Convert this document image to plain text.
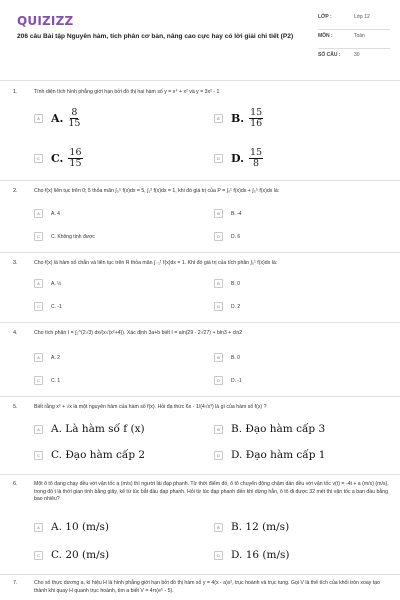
QUIZIZZ
206 câu Bài tập Nguyên hàm, tích phân cơ bản, nâng cao cực hay có lời giải chi tiết (P2)
LỚP :	Lớp 12
MÔN :	Toán
SỐ CÂU :	30
1.	Tính diện tích hình phẳng giới hạn bởi đồ thị hai hàm số y = x⁴ + x² và y = 3x² - 1
A A. $\frac{8}{15}$	B B. $\frac{15}{16}$
C C. $\frac{16}{15}$	D D. $\frac{15}{8}$
2.	Cho f(x) liên tục trên 0; 5 thỏa mãn ∫₀⁵ f(x)dx = 5, ∫₁³ f(x)dx = 1, khi đó giá trị của P = ∫₀¹ f(x)dx + ∫₃⁵ f(x)dx là:
A	A. 4	B	B. -4
C	C. Không tính được	D	D. 6
3.	Cho f(x) là hàm số chẵn và liên tục trên R thỏa mãn ∫₋₁¹ f(x)dx = 1. Khi đó giá trị của tích phân ∫₀¹ f(x)dx là:
A	A. ½	B	B. 0
C	C. -1	D	D. 2
4.	Cho tích phân I = ∫₂^(2√3) dx/(x√(x²+4)). Xác định 3a+b biết I = aln(29 - 2√27) + bln3 + cln2
A	A. 2	B	B. 0
C	C. 1	D	D. -1
5.	Biết rằng x³ + √x là một nguyên hàm của hàm số f(x). Hỏi đạ thức 6x - 1/(4√x³) là gì của hàm số f(x) ?
A	A. Là hàm số f (x)	B	B. Đạo hàm cấp 3
C C. Đạo hàm cấp 2	D D. Đạo hàm cấp 1
6.	Một ô tô đang chạy đều với vận tốc a (m/s) thì người lái đạp phanh. Từ thời điểm đó, ô tô chuyển động chậm dần đều với vận tốc v(t) = -4t + a (m/s) (m/s), trong đó t là thời gian tính bằng giây, kể từ lúc bắt đầu đạp phanh. Hỏi từ lúc đạp phanh đến khi dừng hẳn, ô tô đi được 32 mét thì vận tốc a ban đầu bằng bao nhiêu?
A	A. 10 (m/s)	B	B. 12 (m/s)
C C. 20 (m/s)	D D. 16 (m/s)
7.	Cho số thực dương a, kí hiệu H là hình phẳng giới hạn bởi đồ thị hàm số y = 4(x - a)x², trục hoành và trục tung. Gọi V là thể tích của khối tròn xoay tạo thành khi quay H quanh trục hoành, tìm a biết V = 4π(e⁵ - 5).
